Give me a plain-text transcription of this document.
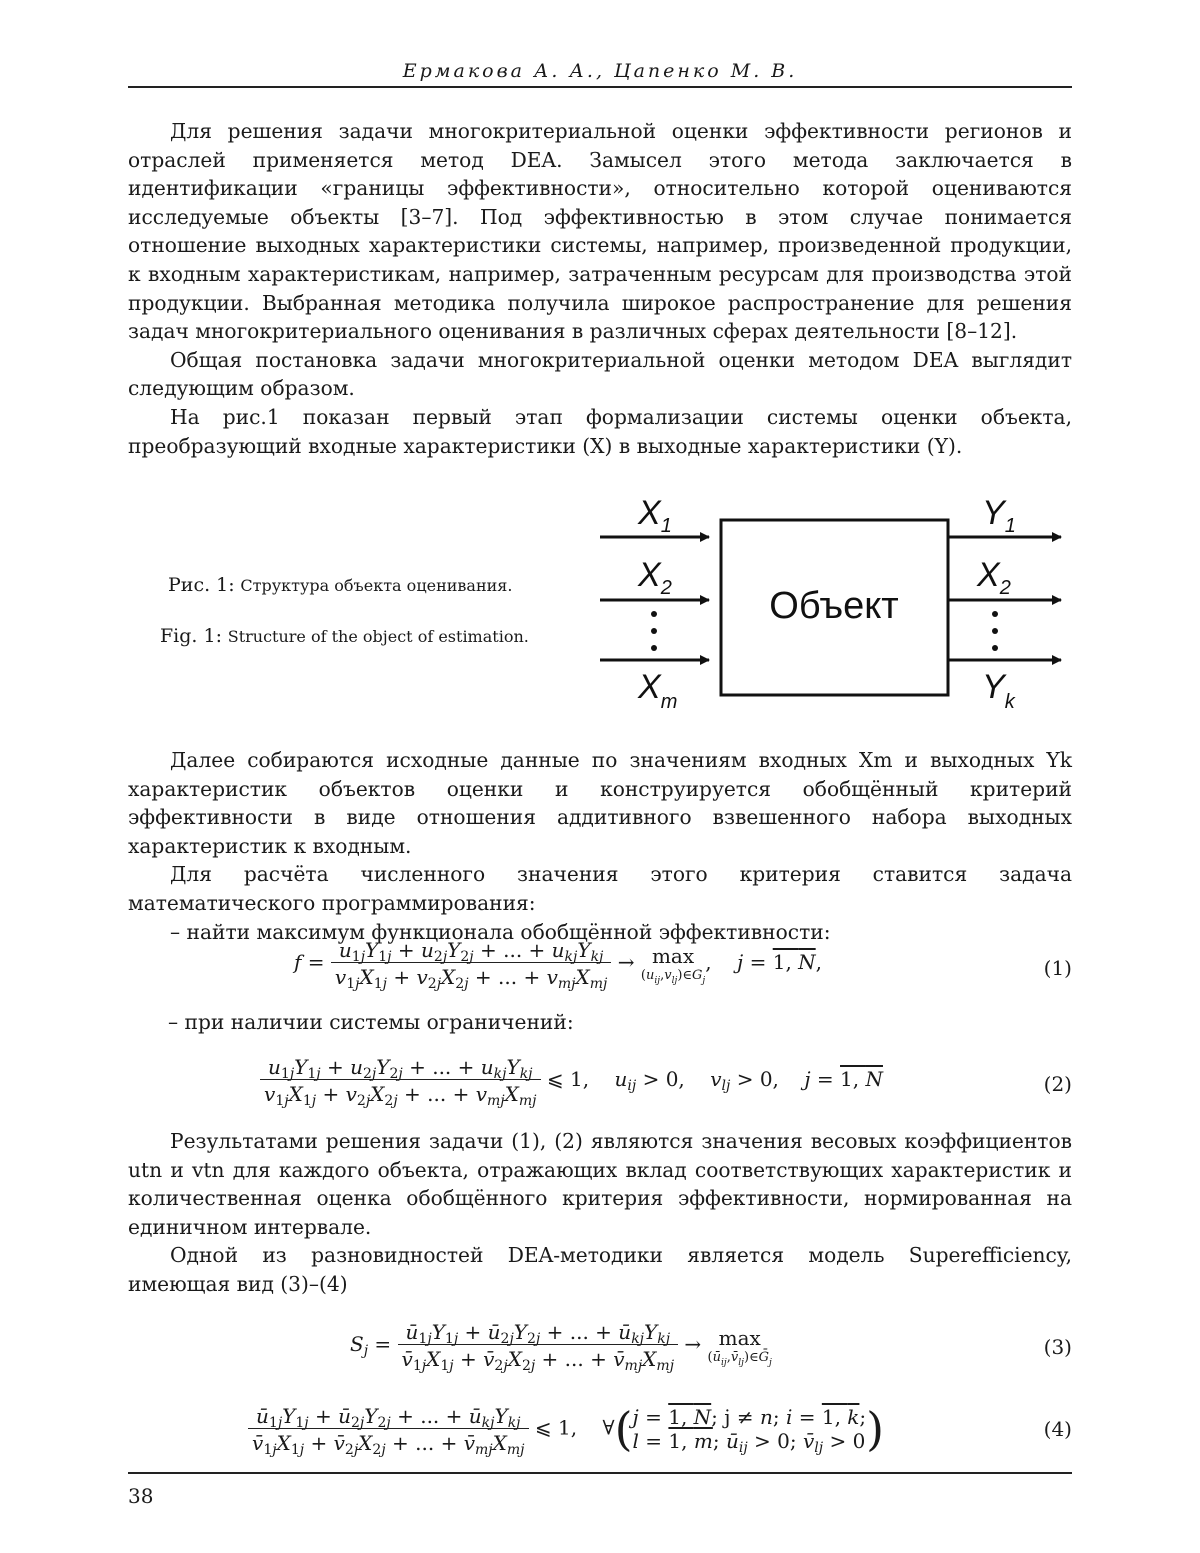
Ермакова А. А., Цапенко М. В.

Для решения задачи многокритериальной оценки эффективности регионов и отраслей применяется метод DEA. Замысел этого метода заключается в идентификации «границы эффективности», относительно которой оцениваются исследуемые объекты [3–7]. Под эффективностью в этом случае понимается отношение выходных характеристики системы, например, произведенной продукции, к входным характеристикам, например, затраченным ресурсам для производства этой продукции. Выбранная методика получила широкое распространение для решения задач многокритериального оценивания в различных сферах деятельности [8–12].

Общая постановка задачи многокритериальной оценки методом DEA выглядит следующим образом.

На рис.1 показан первый этап формализации системы оценки объекта, преобразующий входные характеристики (X) в выходные характеристики (Y).

Рис. 1: Структура объекта оценивания.
Fig. 1: Structure of the object of estimation.
Объект
$X_1$
$X_2$
$X_m$
$Y_1$
$X_2$
$Y_k$

Далее собираются исходные данные по значениям входных Xm и выходных Yk характеристик объектов оценки и конструируется обобщённый критерий эффективности в виде отношения аддитивного взвешенного набора выходных характеристик к входным.

Для расчёта численного значения этого критерия ставится задача математического программирования:

– найти максимум функционала обобщённой эффективности:

$f = \frac{u_{1j}Y_{1j} + u_{2j}Y_{2j} + ... + u_{kj}Y_{kj}}{v_{1j}X_{1j} + v_{2j}X_{2j} + ... + v_{mj}X_{mj}} \to \max$
$(u_{ij},v_{lj})\in G_j$
,    j = 1, N,	(1)

– при наличии системы ограничений:

$\frac{u_{1j}Y_{1j} + u_{2j}Y_{2j} + ... + u_{kj}Y_{kj}}{v_{1j}X_{1j} + v_{2j}X_{2j} + ... + v_{mj}X_{mj}}$ ⩽ 1,    $u_{ij} > 0$,    $v_{lj} > 0$,    j = 1, N	(2)

Результатами решения задачи (1), (2) являются значения весовых коэффициентов utn и vtn для каждого объекта, отражающих вклад соответствующих характеристик и количественная оценка обобщённого критерия эффективности, нормированная на единичном интервале.

Одной из разновидностей DEA-методики является модель Superefficiency, имеющая вид (3)–(4)

$S_j = \frac{ū_{1j}Y_{1j} + ū_{2j}Y_{2j} + ... + ū_{kj}Y_{kj}}{v̄_{1j}X_{1j} + v̄_{2j}X_{2j} + ... + v̄_{mj}X_{mj}} \to \max$
$(ū_{ij},v̄_{lj})\in Ḡ_j$
(3)
$\frac{ū_{1j}Y_{1j} + ū_{2j}Y_{2j} + ... + ū_{kj}Y_{kj}}{v̄_{1j}X_{1j} + v̄_{2j}X_{2j} + ... + v̄_{mj}X_{mj}}$ ⩽ 1,    ∀( j = 1, N; j ≠ n; i = 1, k;
l = 1, m; $ū_{ij} > 0$; $v̄_{lj} > 0$ )	(4)
38
